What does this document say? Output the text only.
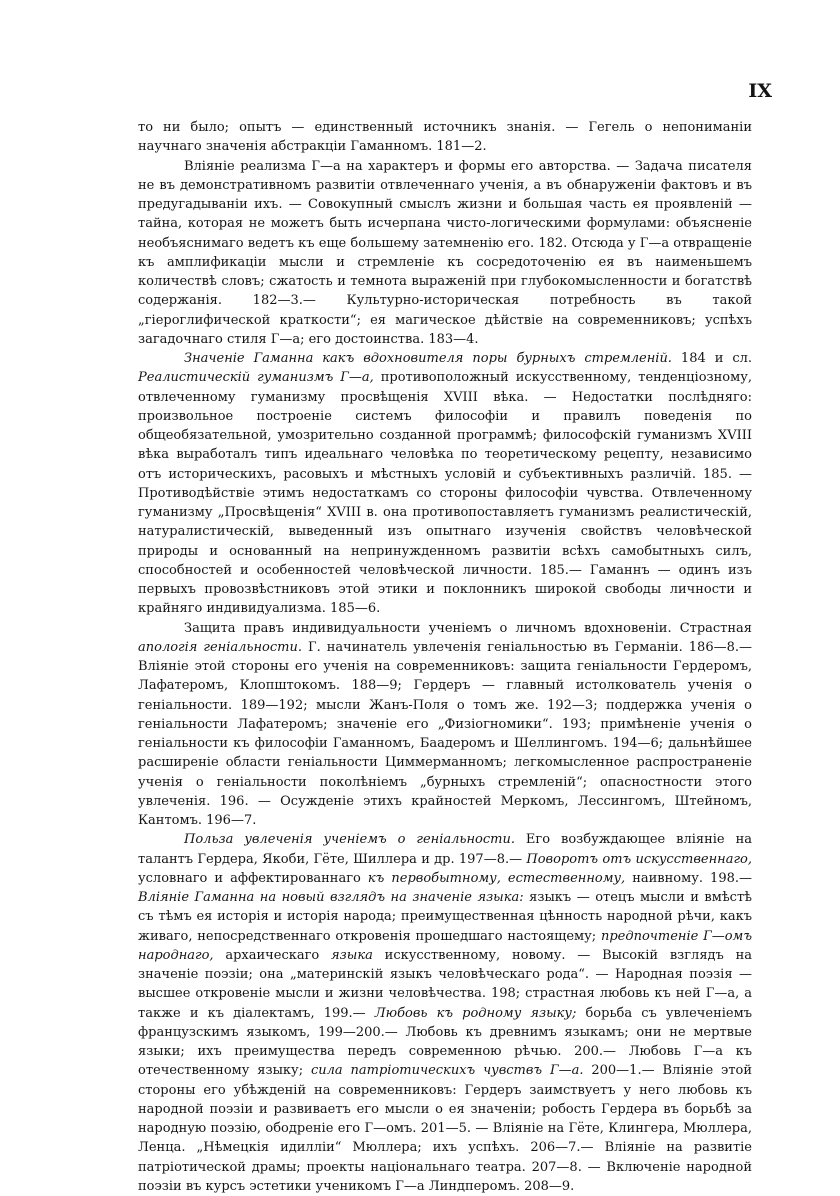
IX

то ни было; опытъ — единственный источникъ знанія. — Гегель о непониманіи научнаго значенія абстракціи Гаманномъ. 181—2.

Вліяніе реализма Г—а на характеръ и формы его авторства. — Задача писателя не въ демонстративномъ развитіи отвлеченнаго ученія, а въ обнаруженіи фактовъ и въ предугадываніи ихъ. — Совокупный смыслъ жизни и большая часть ея проявленій — тайна, которая не можетъ быть исчерпана чисто-логическими формулами: объясненіе необъяснимаго ведетъ къ еще большему затемненію его. 182. Отсюда у Г—а отвращеніе къ амплификаціи мысли и стремленіе къ сосредоточенію ея въ наименьшемъ количествѣ словъ; сжатость и темнота выраженій при глубокомысленности и богатствѣ содержанія. 182—3.— Культурно-историческая потребность въ такой „гіероглифической краткости“; ея магическое дѣйствіе на современниковъ; успѣхъ загадочнаго стиля Г—а; его достоинства. 183—4.

Значеніе Гаманна какъ вдохновителя поры бурныхъ стремленій. 184 и сл. Реалистическій гуманизмъ Г—а, противоположный искусственному, тенденціозному, отвлеченному гуманизму просвѣщенія XVIII вѣка. — Недостатки послѣдняго: произвольное построеніе системъ философіи и правилъ поведенія по общеобязательной, умозрительно созданной программѣ; философскій гуманизмъ XVIII вѣка выработалъ типъ идеальнаго человѣка по теоретическому рецепту, независимо отъ историческихъ, расовыхъ и мѣстныхъ условій и субъективныхъ различій. 185. — Противодѣйствіе этимъ недостаткамъ со стороны философіи чувства. Отвлеченному гуманизму „Просвѣщенія“ XVIII в. она противопоставляетъ гуманизмъ реалистическій, натуралистическій, выведенный изъ опытнаго изученія свойствъ человѣческой природы и основанный на непринужденномъ развитіи всѣхъ самобытныхъ силъ, способностей и особенностей человѣческой личности. 185.— Гаманнъ — одинъ изъ первыхъ провозвѣстниковъ этой этики и поклонникъ широкой свободы личности и крайняго индивидуализма. 185—6.

Защита правъ индивидуальности ученіемъ о личномъ вдохновеніи. Страстная апологія геніальности. Г. начинатель увлеченія геніальностью въ Германіи. 186—8.— Вліяніе этой стороны его ученія на современниковъ: защита геніальности Гердеромъ, Лафатеромъ, Клопштокомъ. 188—9; Гердеръ — главный истолкователь ученія о геніальности. 189—192; мысли Жанъ-Поля о томъ же. 192—3; поддержка ученія о геніальности Лафатеромъ; значеніе его „Физіогномики“. 193; примѣненіе ученія о геніальности къ философіи Гаманномъ, Баадеромъ и Шеллингомъ. 194—6; дальнѣйшее расширеніе области геніальности Циммерманномъ; легкомысленное распространеніе ученія о геніальности поколѣніемъ „бурныхъ стремленій“; опасностности этого увлеченія. 196. — Осужденіе этихъ крайностей Меркомъ, Лессингомъ, Штейномъ, Кантомъ. 196—7.

Польза увлеченія ученіемъ о геніальности. Его возбуждающее вліяніе на талантъ Гердера, Якоби, Гёте, Шиллера и др. 197—8.— Поворотъ отъ искусственнаго, условнаго и аффектированнаго къ первобытному, естественному, наивному. 198.— Вліяніе Гаманна на новый взглядъ на значеніе языка: языкъ — отецъ мысли и вмѣстѣ съ тѣмъ ея исторія и исторія народа; преимущественная цѣнность народной рѣчи, какъ живаго, непосредственнаго откровенія прошедшаго настоящему; предпочтеніе Г—омъ народнаго, архаическаго языка искусственному, новому. — Высокій взглядъ на значеніе поэзіи; она „материнскій языкъ человѣческаго рода“. — Народная поэзія — высшее откровеніе мысли и жизни человѣчества. 198; страстная любовь къ ней Г—а, а также и къ діалектамъ, 199.— Любовь къ родному языку; борьба съ увлеченіемъ французскимъ языкомъ, 199—200.— Любовь къ древнимъ языкамъ; они не мертвые языки; ихъ преимущества передъ современною рѣчью. 200.— Любовь Г—а къ отечественному языку; сила патріотическихъ чувствъ Г—а. 200—1.— Вліяніе этой стороны его убѣжденій на современниковъ: Гердеръ заимствуетъ у него любовь къ народной поэзіи и развиваетъ его мысли о ея значеніи; робость Гердера въ борьбѣ за народную поэзію, ободреніе его Г—омъ. 201—5. — Вліяніе на Гёте, Клингера, Мюллера, Ленца. „Нѣмецкія идилліи“ Мюллера; ихъ успѣхъ. 206—7.— Вліяніе на развитіе патріотической драмы; проекты національнаго театра. 207—8. — Включеніе народной поэзіи въ курсъ эстетики ученикомъ Г—а Линдперомъ. 208—9.
